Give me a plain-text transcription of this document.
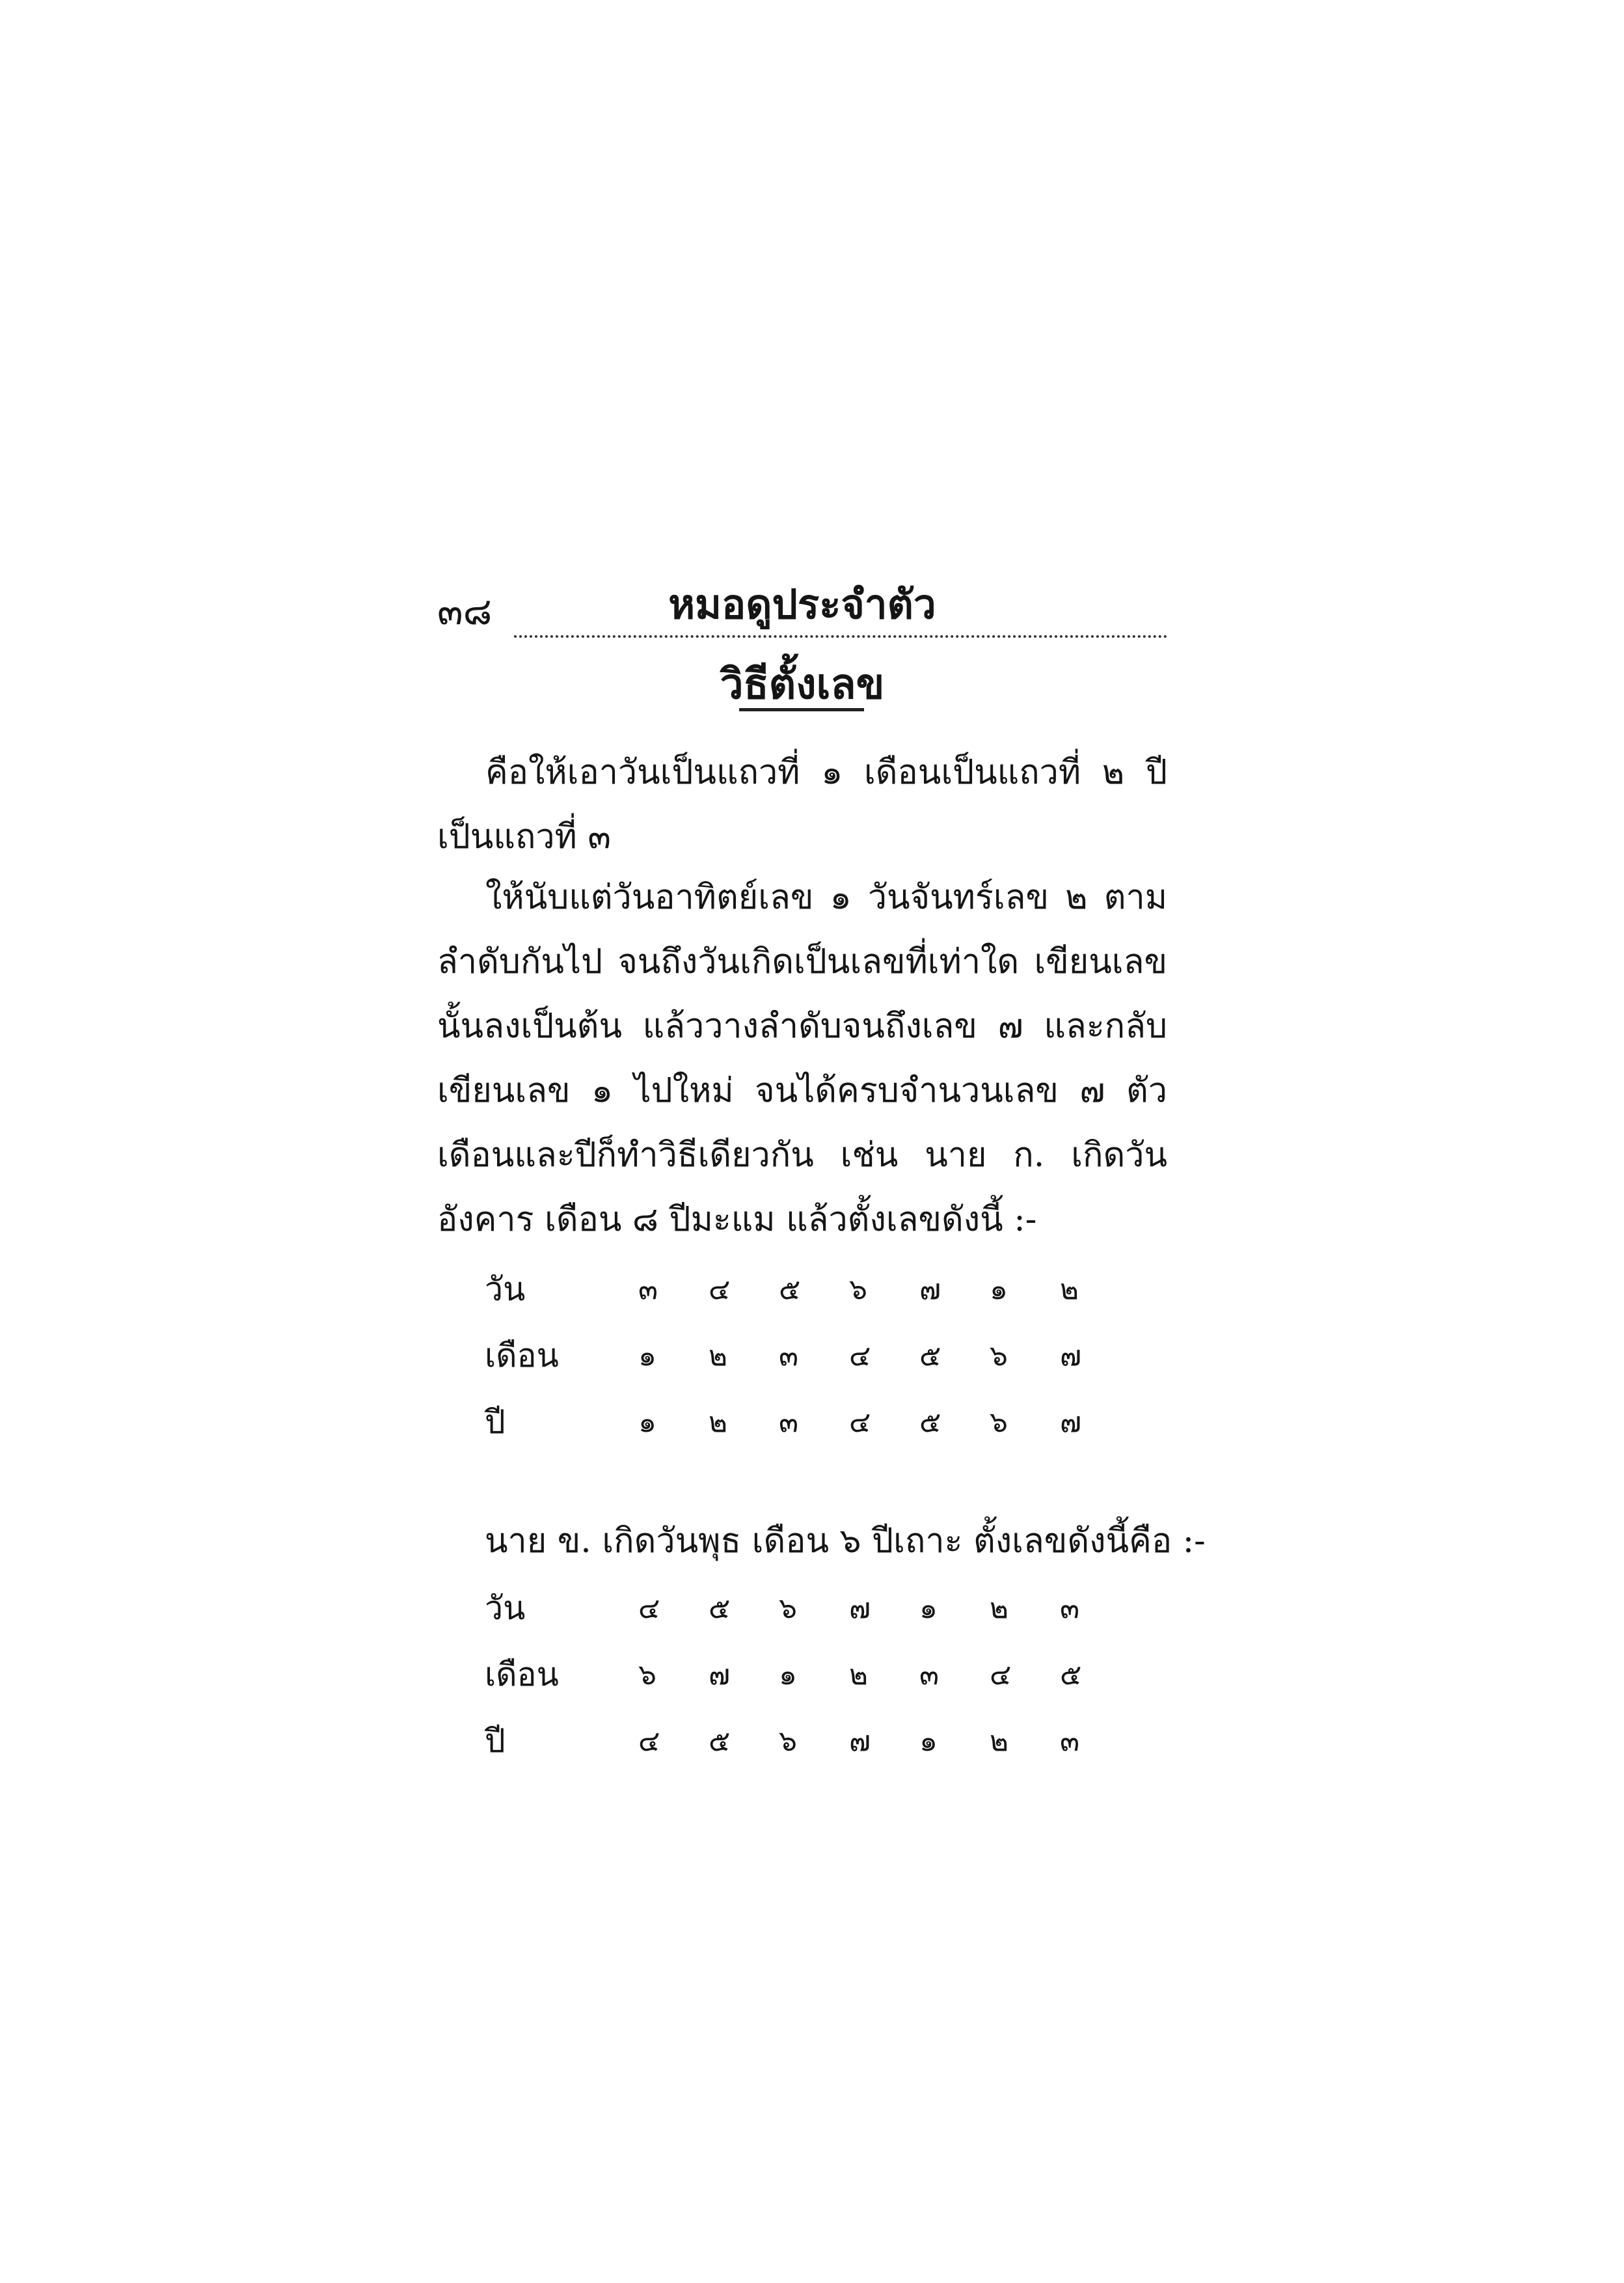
๓๘	หมอดูประจำตัว
วิธีตั้งเลข

คือให้เอาวันเป็นแถวที่ ๑ เดือนเป็นแถวที่ ๒ ปีเป็นแถวที่ ๓

ให้นับแต่วันอาทิตย์เลข ๑ วันจันทร์เลข ๒ ตามลำดับกันไป จนถึงวันเกิดเป็นเลขที่เท่าใด เขียนเลขนั้นลงเป็นต้น แล้ววางลำดับจนถึงเลข ๗ และกลับเขียนเลข ๑ ไปใหม่ จนได้ครบจำนวนเลข ๗ ตัว เดือนและปีก็ทำวิธีเดียวกัน เช่น นาย ก. เกิดวันอังคาร เดือน ๘ ปีมะแม แล้วตั้งเลขดังนี้ :-

วัน	๓	๔	๕	๖	๗	๑	๒
เดือน	๑	๒	๓	๔	๕	๖	๗
ปี	๑	๒	๓	๔	๕	๖	๗
นาย ข. เกิดวันพุธ เดือน ๖ ปีเถาะ ตั้งเลขดังนี้คือ :-
วัน	๔	๕	๖	๗	๑	๒	๓
เดือน	๖	๗	๑	๒	๓	๔	๕
ปี	๔	๕	๖	๗	๑	๒	๓
